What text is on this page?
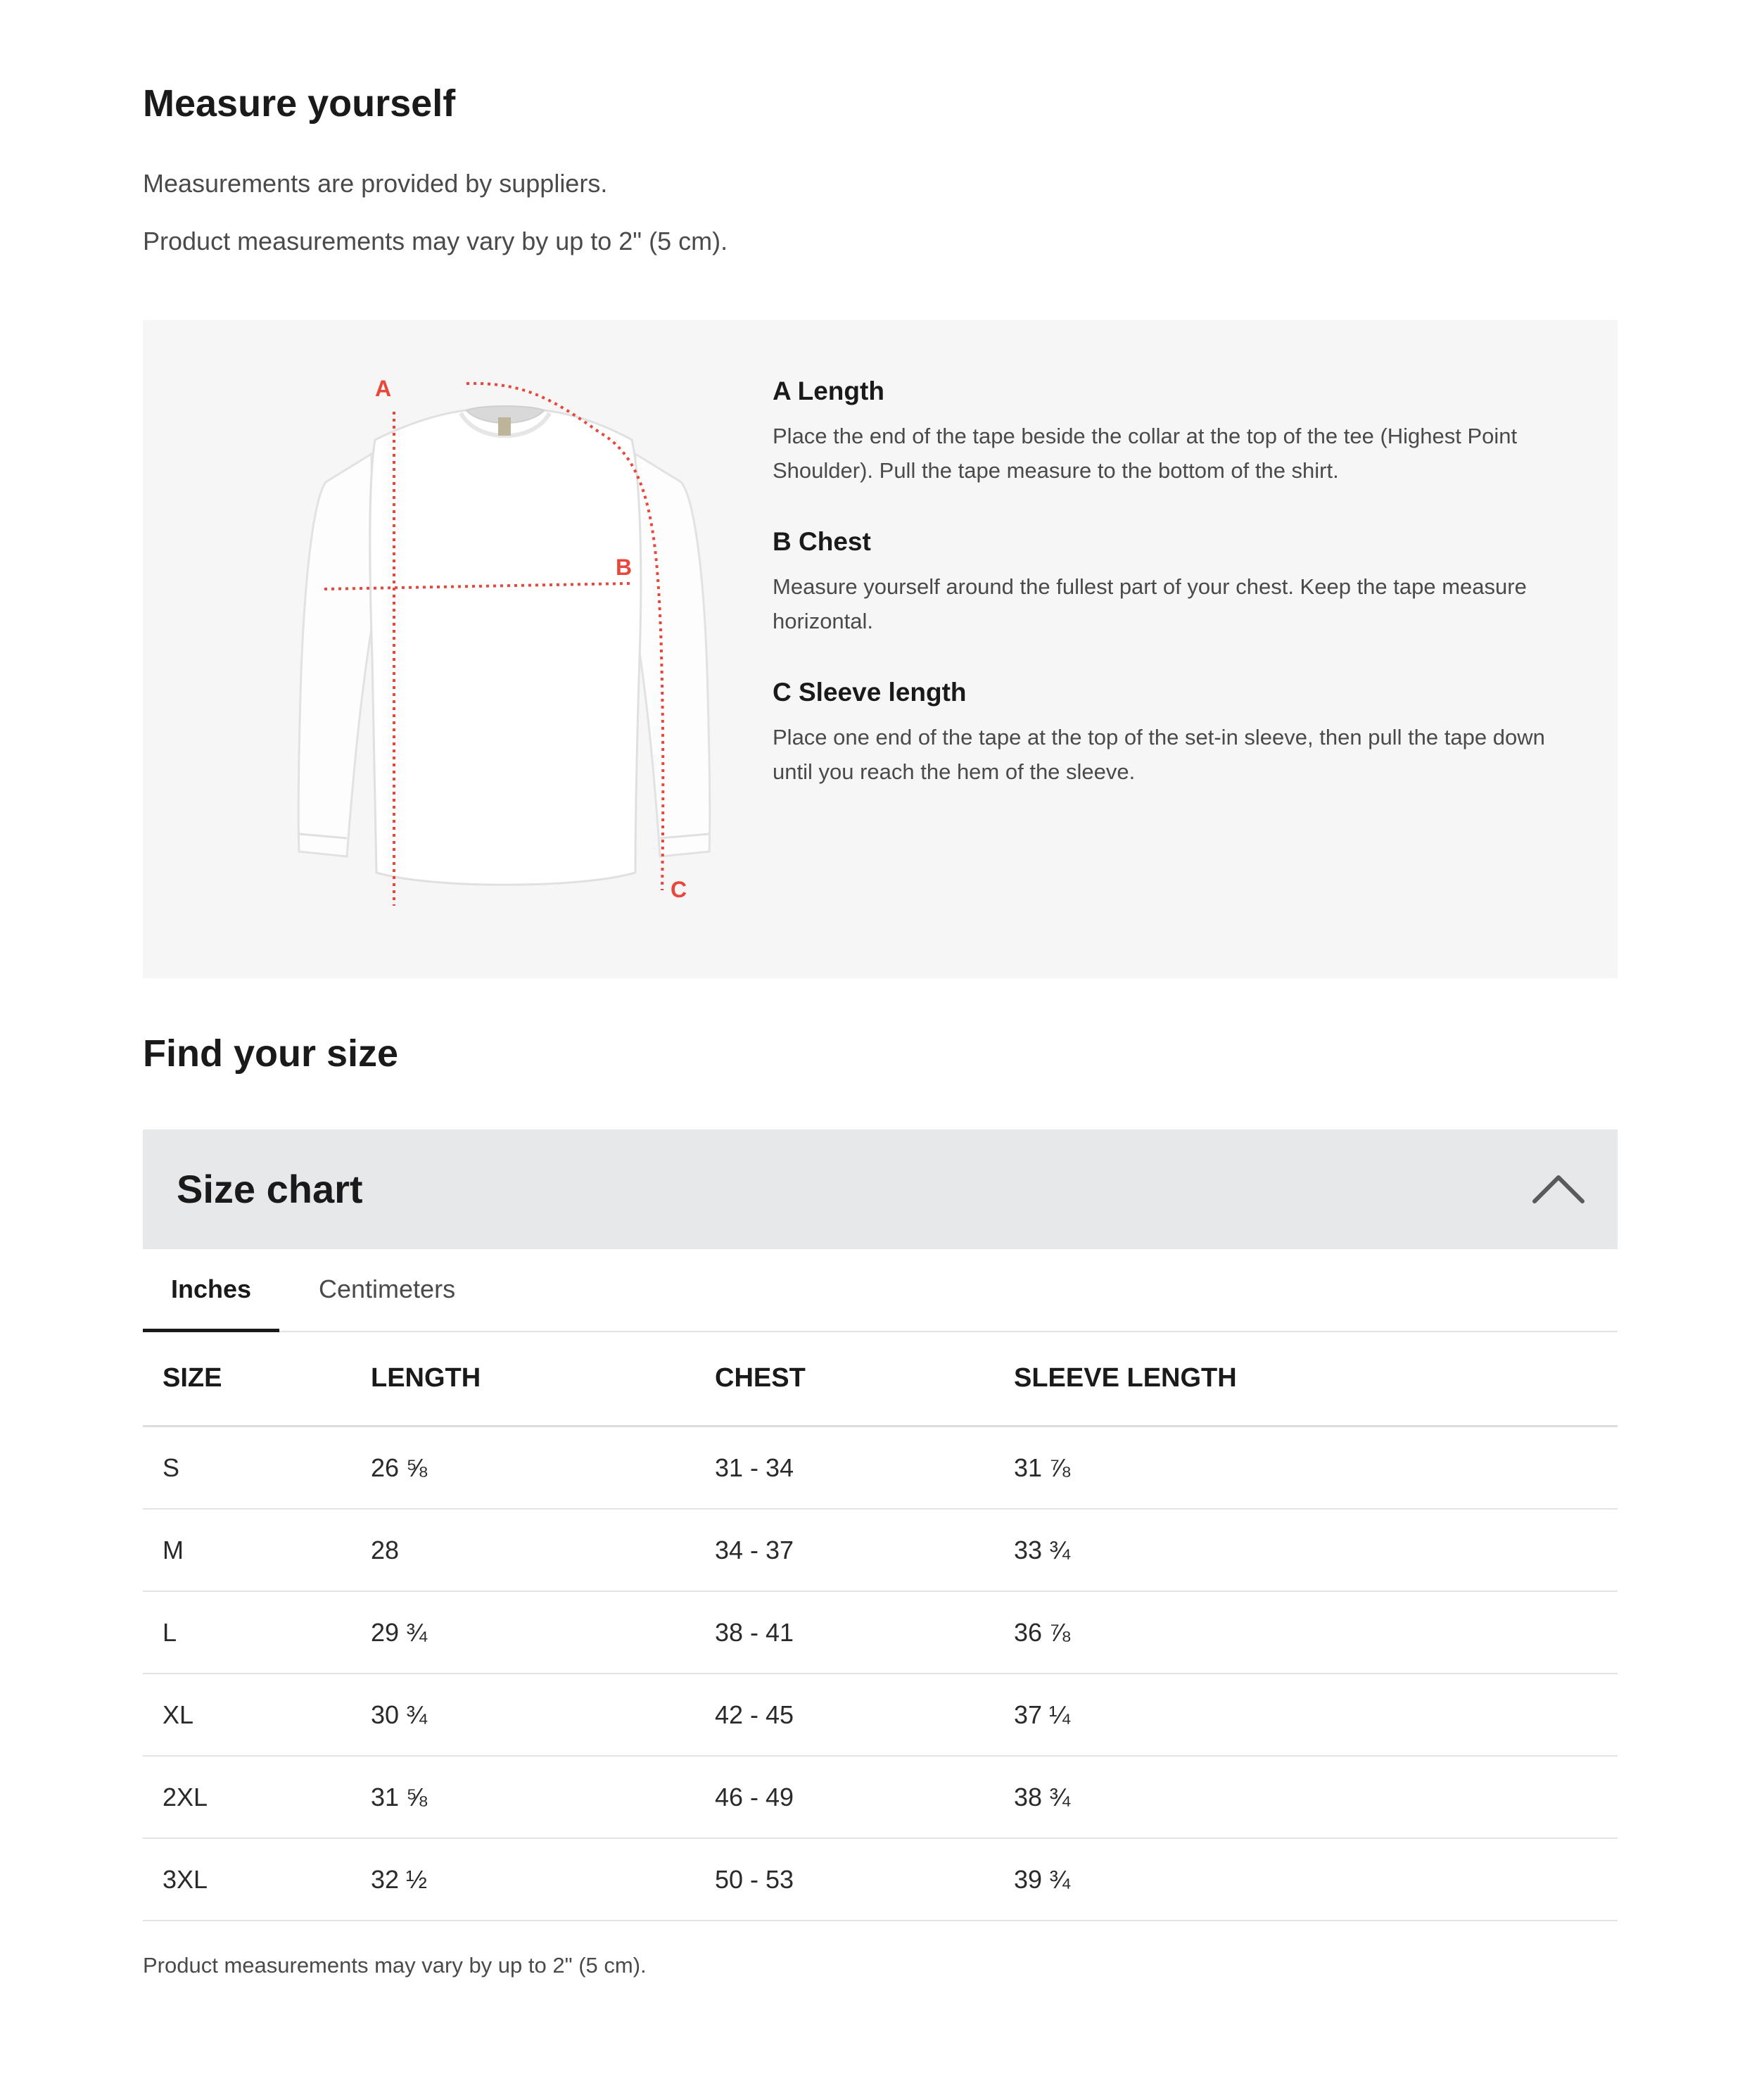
Measure yourself

Measurements are provided by suppliers.

Product measurements may vary by up to 2" (5 cm).

A
B
C
A Length

Place the end of the tape beside the collar at the top of the tee (Highest Point Shoulder). Pull the tape measure to the bottom of the shirt.

B Chest

Measure yourself around the fullest part of your chest. Keep the tape measure horizontal.

C Sleeve length

Place one end of the tape at the top of the set-in sleeve, then pull the tape down until you reach the hem of the sleeve.

Find your size
Size chart
Inches	Centimeters
SIZE	LENGTH	CHEST	SLEEVE LENGTH
S	26 ⅝	31 - 34	31 ⅞
M	28	34 - 37	33 ¾
L	29 ¾	38 - 41	36 ⅞
XL	30 ¾	42 - 45	37 ¼
2XL	31 ⅝	46 - 49	38 ¾
3XL	32 ½	50 - 53	39 ¾

Product measurements may vary by up to 2" (5 cm).
